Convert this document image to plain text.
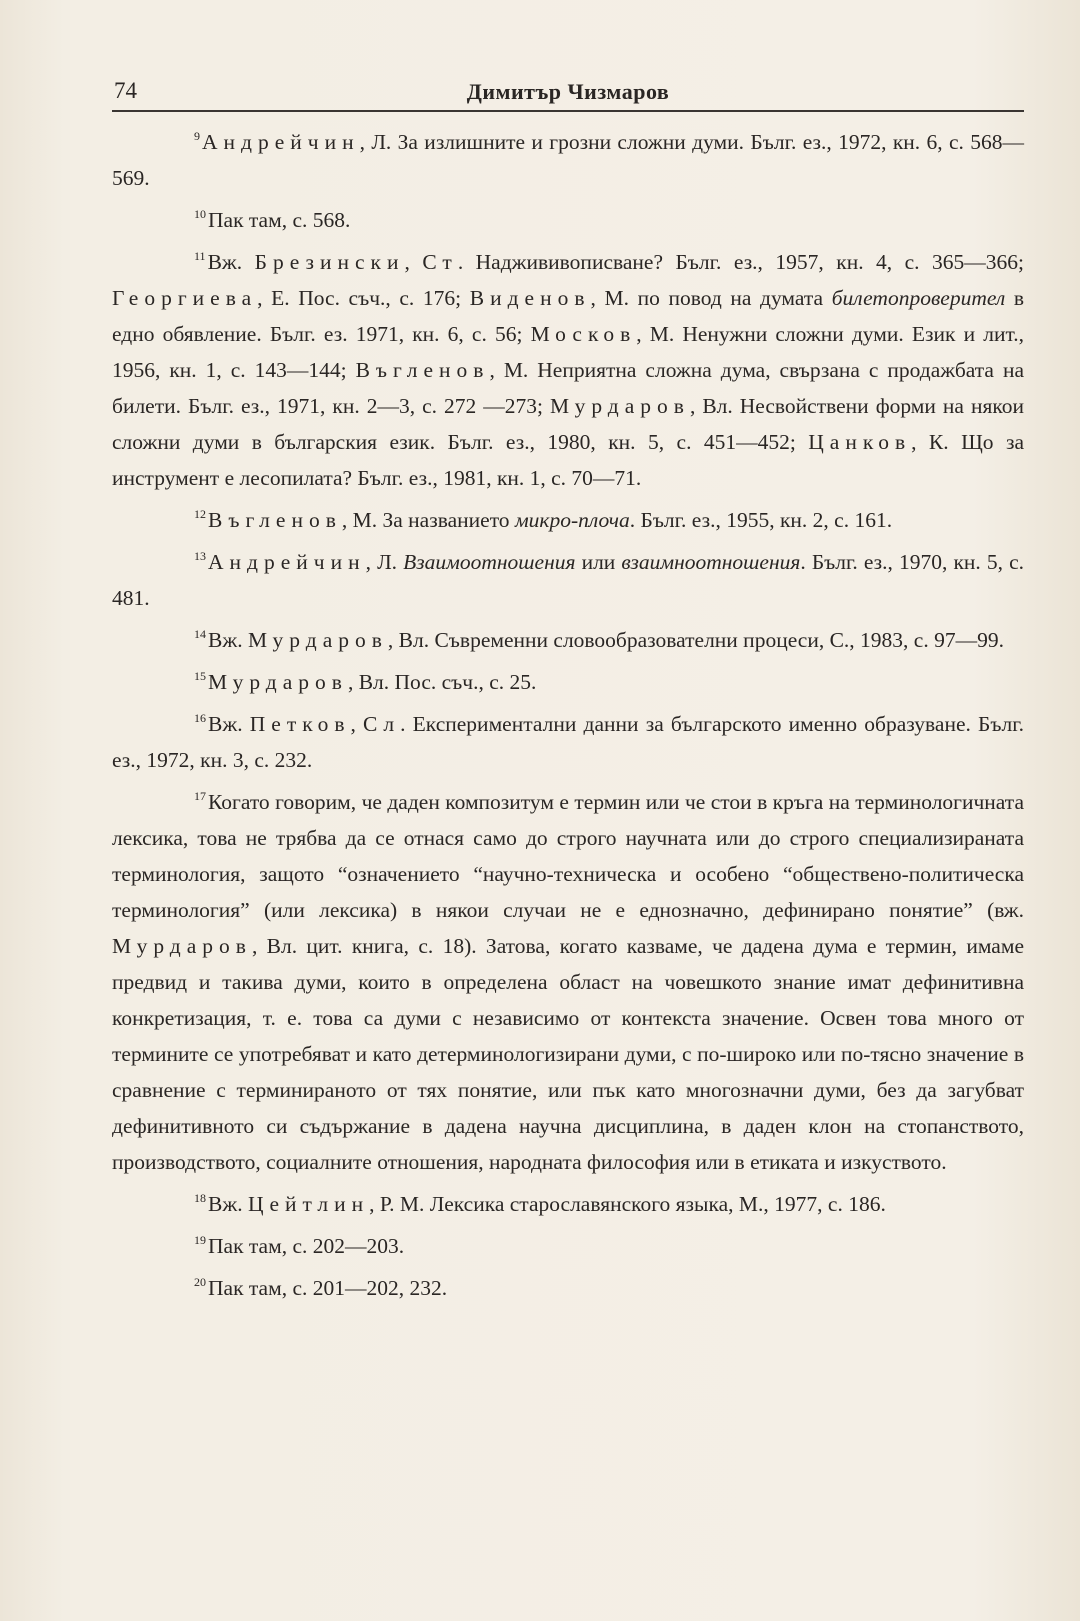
74	Димитър Чизмаров

$^9$Андрейчин, Л. За излишните и грозни сложни думи. Бълг. ез., 1972, кн. 6, с. 568—569.

$^{10}$Пак там, с. 568.

$^{11}$Вж. Брезински, Ст. Наджививописване? Бълг. ез., 1957, кн. 4, с. 365—366; Георгиева, Е. Пос. съч., с. 176; Виденов, М. по повод на думата билетопроверител в едно обявление. Бълг. ез. 1971, кн. 6, с. 56; Москов, М. Ненужни сложни думи. Език и лит., 1956, кн. 1, с. 143—144; Въгленов, М. Неприятна сложна дума, свързана с продажбата на билети. Бълг. ез., 1971, кн. 2—3, с. 272 —273; Мурдаров, Вл. Несвойствени форми на някои сложни думи в българския език. Бълг. ез., 1980, кн. 5, с. 451—452; Цанков, К. Що за инструмент е лесопилата? Бълг. ез., 1981, кн. 1, с. 70—71.

$^{12}$Въгленов, М. За названието микро-плоча. Бълг. ез., 1955, кн. 2, с. 161.

$^{13}$Андрейчин, Л. Взаимоотношения или взаимноотношения. Бълг. ез., 1970, кн. 5, с. 481.

$^{14}$Вж. Мурдаров, Вл. Съвременни словообразователни процеси, С., 1983, с. 97—99.

$^{15}$Мурдаров, Вл. Пос. съч., с. 25.

$^{16}$Вж. Петков, Сл. Експериментални данни за българското именно образуване. Бълг. ез., 1972, кн. 3, с. 232.

$^{17}$Когато говорим, че даден композитум е термин или че стои в кръга на терминологичната лексика, това не трябва да се отнася само до строго научната или до строго специализираната терминология, защото “означението “научно-техническа и особено “обществено-политическа терминология” (или лексика) в някои случаи не е еднозначно, дефинирано понятие” (вж. Мурдаров, Вл. цит. книга, с. 18). Затова, когато казваме, че дадена дума е термин, имаме предвид и такива думи, които в определена област на човешкото знание имат дефинитивна конкретизация, т. е. това са думи с независимо от контекста значение. Освен това много от термините се употребяват и като детерминологизирани думи, с по-широко или по-тясно значение в сравнение с терминираното от тях понятие, или пък като многозначни думи, без да загубват дефинитивното си съдържание в дадена научна дисциплина, в даден клон на стопанството, производството, социалните отношения, народната философия или в етиката и изкуството.

$^{18}$Вж. Цейтлин, Р. М. Лексика старославянского языка, М., 1977, с. 186.

$^{19}$Пак там, с. 202—203.

$^{20}$Пак там, с. 201—202, 232.
